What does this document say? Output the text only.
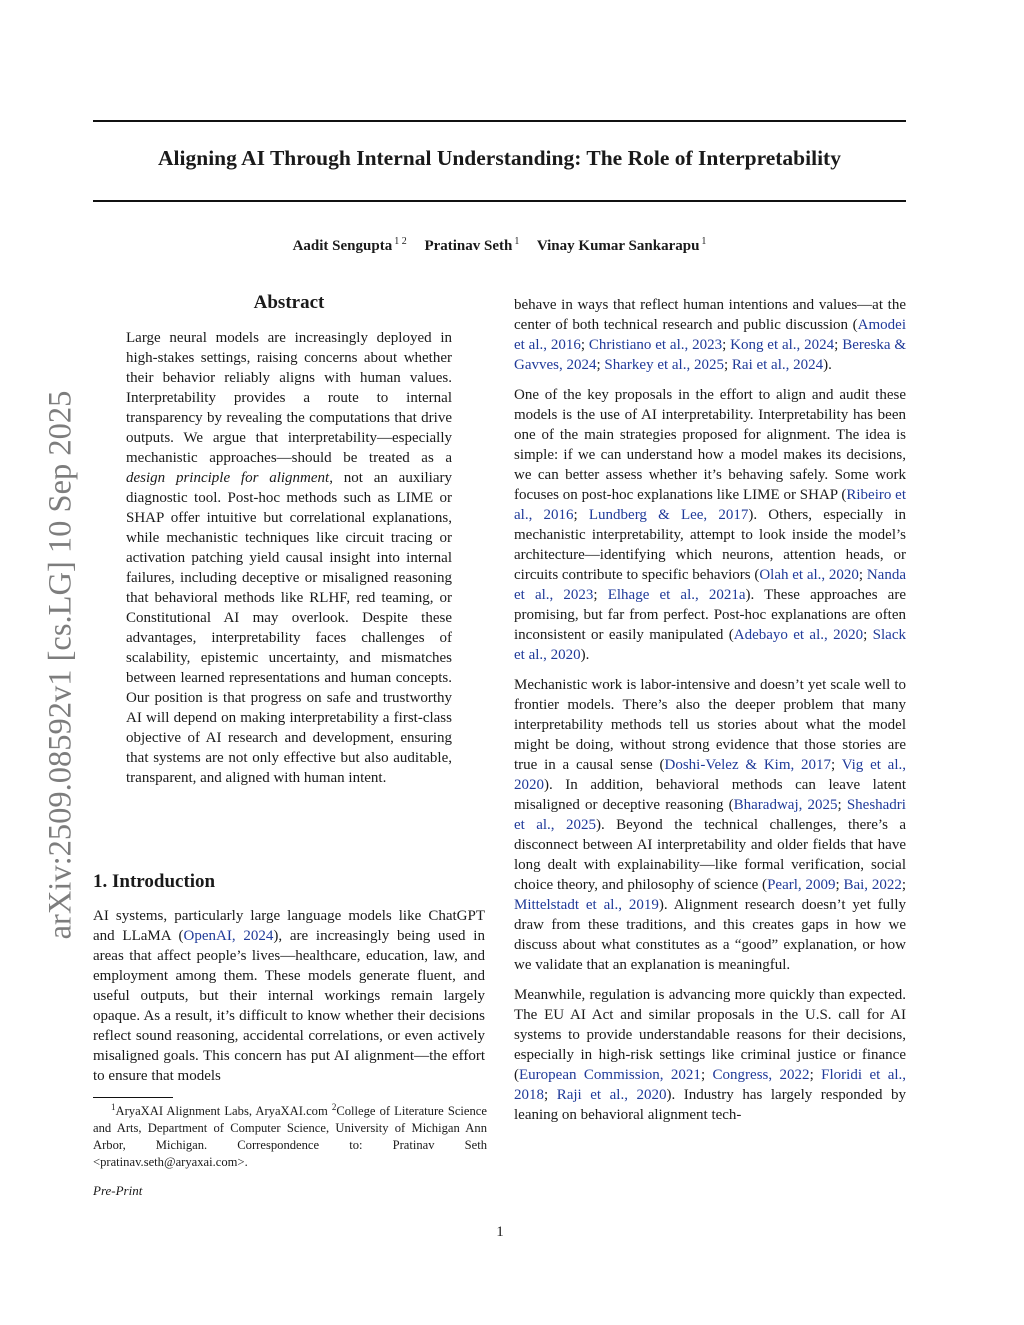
Aligning AI Through Internal Understanding: The Role of Interpretability
Aadit Sengupta $^{1 2}$ Pratinav Seth $^1$ Vinay Kumar Sankarapu $^1$
arXiv:2509.08592v1 [cs.LG] 10 Sep 2025
Abstract

Large neural models are increasingly deployed in high-stakes settings, raising concerns about whether their behavior reliably aligns with human values. Interpretability provides a route to internal transparency by revealing the computations that drive outputs. We argue that interpretability—especially mechanistic approaches—should be treated as a design principle for alignment, not an auxiliary diagnostic tool. Post-hoc methods such as LIME or SHAP offer intuitive but correlational explanations, while mechanistic techniques like circuit tracing or activation patching yield causal insight into internal failures, including deceptive or misaligned reasoning that behavioral methods like RLHF, red teaming, or Constitutional AI may overlook. Despite these advantages, interpretability faces challenges of scalability, epistemic uncertainty, and mismatches between learned representations and human concepts. Our position is that progress on safe and trustworthy AI will depend on making interpretability a first-class objective of AI research and development, ensuring that systems are not only effective but also auditable, transparent, and aligned with human intent.

1. Introduction

AI systems, particularly large language models like ChatGPT and LLaMA (OpenAI, 2024), are increasingly being used in areas that affect people’s lives—healthcare, education, law, and employment among them. These models generate fluent, and useful outputs, but their internal workings remain largely opaque. As a result, it’s difficult to know whether their decisions reflect sound reasoning, accidental correlations, or even actively misaligned goals. This concern has put AI alignment—the effort to ensure that models

$^1$AryaXAI Alignment Labs, AryaXAI.com $^2$College of Literature Science and Arts, Department of Computer Science, University of Michigan Ann Arbor, Michigan. Correspondence to: Pratinav Seth <pratinav.seth@aryaxai.com>.

Pre-Print

behave in ways that reflect human intentions and values—at the center of both technical research and public discussion (Amodei et al., 2016; Christiano et al., 2023; Kong et al., 2024; Bereska & Gavves, 2024; Sharkey et al., 2025; Rai et al., 2024).

One of the key proposals in the effort to align and audit these models is the use of AI interpretability. Interpretability has been one of the main strategies proposed for alignment. The idea is simple: if we can understand how a model makes its decisions, we can better assess whether it’s behaving safely. Some work focuses on post-hoc explanations like LIME or SHAP (Ribeiro et al., 2016; Lundberg & Lee, 2017). Others, especially in mechanistic interpretability, attempt to look inside the model’s architecture—identifying which neurons, attention heads, or circuits contribute to specific behaviors (Olah et al., 2020; Nanda et al., 2023; Elhage et al., 2021a). These approaches are promising, but far from perfect. Post-hoc explanations are often inconsistent or easily manipulated (Adebayo et al., 2020; Slack et al., 2020).

Mechanistic work is labor-intensive and doesn’t yet scale well to frontier models. There’s also the deeper problem that many interpretability methods tell us stories about what the model might be doing, without strong evidence that those stories are true in a causal sense (Doshi-Velez & Kim, 2017; Vig et al., 2020). In addition, behavioral methods can leave latent misaligned or deceptive reasoning (Bharadwaj, 2025; Sheshadri et al., 2025). Beyond the technical challenges, there’s a disconnect between AI interpretability and older fields that have long dealt with explainability—like formal verification, social choice theory, and philosophy of science (Pearl, 2009; Bai, 2022; Mittelstadt et al., 2019). Alignment research doesn’t yet fully draw from these traditions, and this creates gaps in how we discuss about what constitutes as a “good” explanation, or how we validate that an explanation is meaningful.

Meanwhile, regulation is advancing more quickly than expected. The EU AI Act and similar proposals in the U.S. call for AI systems to provide understandable reasons for their decisions, especially in high-risk settings like criminal justice or finance (European Commission, 2021; Congress, 2022; Floridi et al., 2018; Raji et al., 2020). Industry has largely responded by leaning on behavioral alignment tech-

1
